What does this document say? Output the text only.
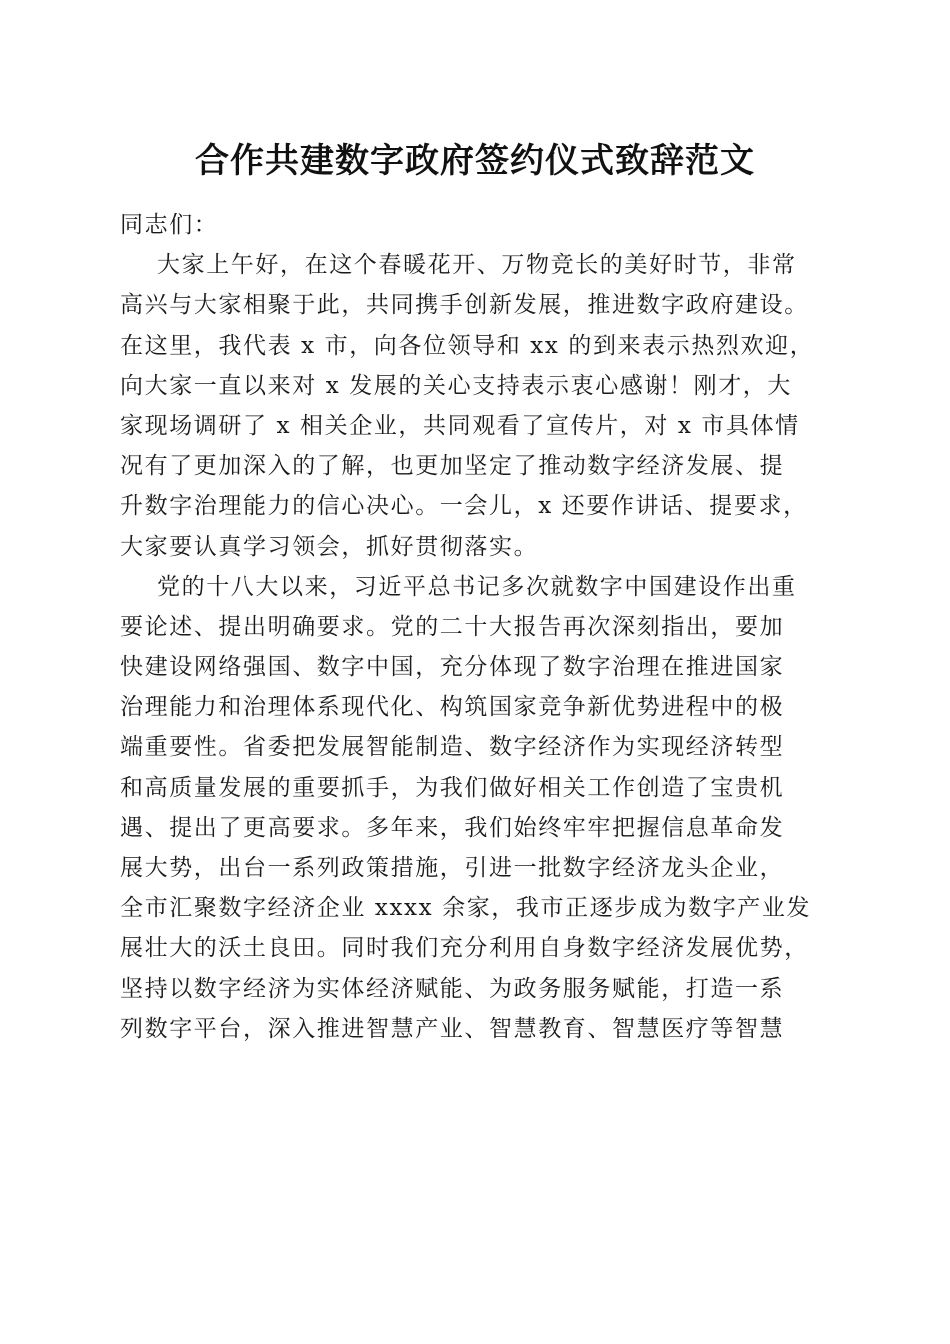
合作共建数字政府签约仪式致辞范文
同志们：
大家上午好，在这个春暖花开、万物竞长的美好时节，非常
高兴与大家相聚于此，共同携手创新发展，推进数字政府建设。
在这里，我代表 x 市，向各位领导和 xx 的到来表示热烈欢迎，
向大家一直以来对 x 发展的关心支持表示衷心感谢！刚才，大
家现场调研了 x 相关企业，共同观看了宣传片，对 x 市具体情
况有了更加深入的了解，也更加坚定了推动数字经济发展、提
升数字治理能力的信心决心。一会儿，x 还要作讲话、提要求，
大家要认真学习领会，抓好贯彻落实。
党的十八大以来，习近平总书记多次就数字中国建设作出重
要论述、提出明确要求。党的二十大报告再次深刻指出，要加
快建设网络强国、数字中国，充分体现了数字治理在推进国家
治理能力和治理体系现代化、构筑国家竞争新优势进程中的极
端重要性。省委把发展智能制造、数字经济作为实现经济转型
和高质量发展的重要抓手，为我们做好相关工作创造了宝贵机
遇、提出了更高要求。多年来，我们始终牢牢把握信息革命发
展大势，出台一系列政策措施，引进一批数字经济龙头企业，
全市汇聚数字经济企业 xxxx 余家，我市正逐步成为数字产业发
展壮大的沃土良田。同时我们充分利用自身数字经济发展优势，
坚持以数字经济为实体经济赋能、为政务服务赋能，打造一系
列数字平台，深入推进智慧产业、智慧教育、智慧医疗等智慧
